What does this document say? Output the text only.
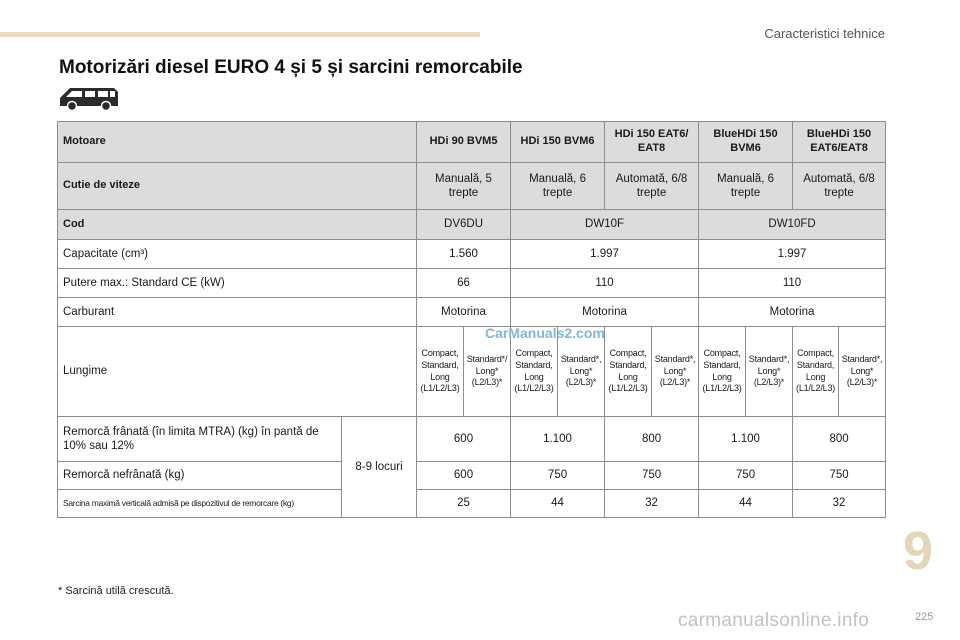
Caracteristici tehnice
Motorizări diesel EURO 4 și 5 și sarcini remorcabile
Motoare		HDi 90 BVM5		HDi 150 BVM6		HDi 150 EAT6/ EAT8		BlueHDi 150 BVM6		BlueHDi 150 EAT6/EAT8	
Cutie de viteze		Manuală, 5 trepte		Manuală, 6 trepte		Automată, 6/8 trepte		Manuală, 6 trepte		Automată, 6/8 trepte	
Cod		DV6DU		DW10F				DW10FD			
Capacitate (cm³)		1.560		1.997				1.997			
Putere max.: Standard CE (kW)		66		110				110			
Carburant		Motorina		Motorina				Motorina			
Lungime		Compact, Standard, Long (L1/L2/L3)	Standard*/ Long* (L2/L3)*	Compact, Standard, Long (L1/L2/L3)	Standard*, Long* (L2/L3)*	Compact, Standard, Long (L1/L2/L3)	Standard*, Long* (L2/L3)*	Compact, Standard, Long (L1/L2/L3)	Standard*, Long* (L2/L3)*	Compact, Standard, Long (L1/L2/L3)	Standard*, Long* (L2/L3)*
Remorcă frânată (în limita MTRA) (kg) în pantă de 10% sau 12%	8-9 locuri	600		1.100		800		1.100		800	
Remorcă nefrânată (kg)		600		750		750		750		750	
Sarcina maximă verticală admisă pe dispozitivul de remorcare (kg)		25		44		32		44		32	
CarManuals2.com
* Sarcină utilă crescută.
9
225
carmanualsonline.info
